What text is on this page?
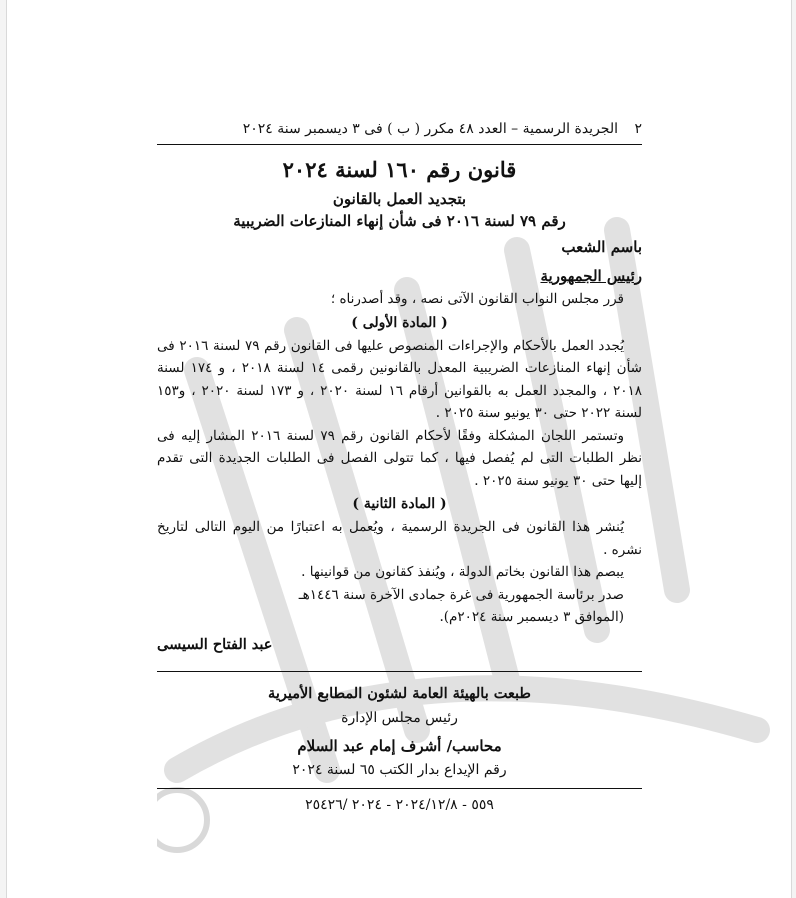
٢
الجريدة الرسمية – العدد ٤٨ مكرر ( ب ) فى ٣ ديسمبر سنة ٢٠٢٤
قانون رقم ١٦٠ لسنة ٢٠٢٤
بتجديد العمل بالقانون
رقم ٧٩ لسنة ٢٠١٦ فى شأن إنهاء المنازعات الضريبية
باسم الشعب
رئيس الجمهورية
قرر مجلس النواب القانون الآتى نصه ، وقد أصدرناه ؛
( المادة الأولى )
يُجدد العمل بالأحكام والإجراءات المنصوص عليها فى القانون رقم ٧٩ لسنة ٢٠١٦ فى شأن إنهاء المنازعات الضريبية المعدل بالقانونين رقمى ١٤ لسنة ٢٠١٨ ، و ١٧٤ لسنة ٢٠١٨ ، والمجدد العمل به بالقوانين أرقام ١٦ لسنة ٢٠٢٠ ، و ١٧٣ لسنة ٢٠٢٠ ، و١٥٣ لسنة ٢٠٢٢ حتى ٣٠ يونيو سنة ٢٠٢٥ .
وتستمر اللجان المشكلة وفقًا لأحكام القانون رقم ٧٩ لسنة ٢٠١٦ المشار إليه فى نظر الطلبات التى لم يُفصل فيها ، كما تتولى الفصل فى الطلبات الجديدة التى تقدم إليها حتى ٣٠ يونيو سنة ٢٠٢٥ .
( المادة الثانية )
يُنشر هذا القانون فى الجريدة الرسمية ، ويُعمل به اعتبارًا من اليوم التالى لتاريخ نشره .
يبصم هذا القانون بخاتم الدولة ، ويُنفذ كقانون من قوانينها .
صدر برئاسة الجمهورية فى غرة جمادى الآخرة سنة ١٤٤٦هـ
(الموافق ٣ ديسمبر سنة ٢٠٢٤م).
عبد الفتاح السيسى
طبعت بالهيئة العامة لشئون المطابع الأميرية
رئيس مجلس الإدارة
محاسب/ أشرف إمام عبد السلام
رقم الإيداع بدار الكتب ٦٥ لسنة ٢٠٢٤
٥٥٩ - ٢٠٢٤/١٢/٨ - ٢٠٢٤ /٢٥٤٢٦
